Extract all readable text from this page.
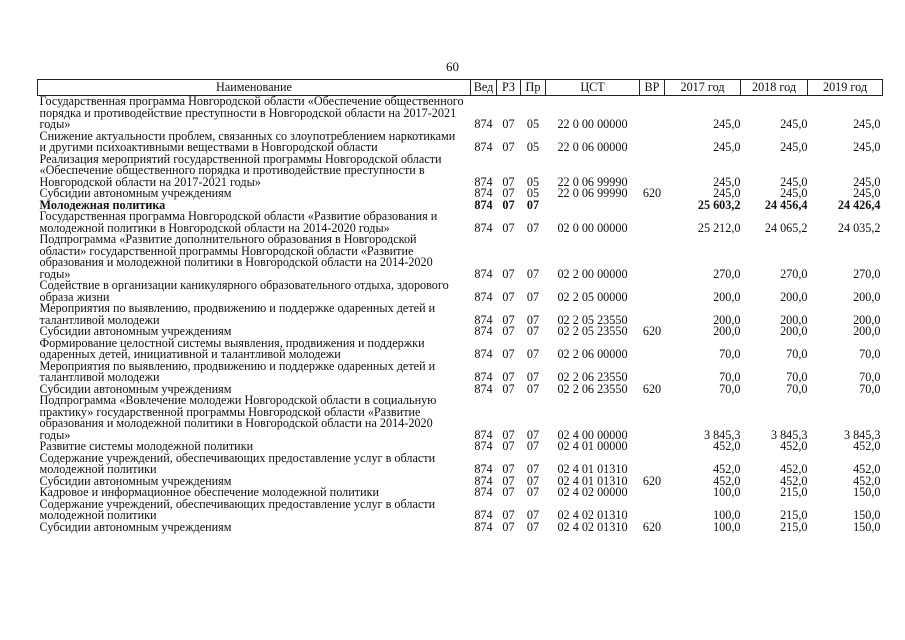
60
Наименование	Вед	РЗ	Пр	ЦСТ	ВР	2017 год	2018 год	2019 год
Государственная программа Новгородской области «Обеспечение общественного порядка и противодействие преступности в Новгородской области на 2017-2021 годы»	874	07	05	22 0 00 00000		245,0	245,0	245,0
Снижение актуальности проблем, связанных со злоупотреблением наркотиками и другими психоактивными веществами в Новгородской области	874	07	05	22 0 06 00000		245,0	245,0	245,0
Реализация мероприятий государственной программы Новгородской области «Обеспечение общественного порядка и противодействие преступности в Новгородской области на 2017-2021 годы»	874	07	05	22 0 06 99990		245,0	245,0	245,0
Субсидии автономным учреждениям	874	07	05	22 0 06 99990	620	245,0	245,0	245,0
Молодежная политика	874	07	07			25 603,2	24 456,4	24 426,4
Государственная программа Новгородской области «Развитие образования и молодежной политики в Новгородской области на 2014-2020 годы»	874	07	07	02 0 00 00000		25 212,0	24 065,2	24 035,2
Подпрограмма «Развитие дополнительного образования в Новгородской области» государственной программы Новгородской области «Развитие образования и молодежной политики в Новгородской области на 2014-2020 годы»	874	07	07	02 2 00 00000		270,0	270,0	270,0
Содействие в организации каникулярного образовательного отдыха, здорового образа жизни	874	07	07	02 2 05 00000		200,0	200,0	200,0
Мероприятия по выявлению, продвижению и поддержке одаренных детей и талантливой молодежи	874	07	07	02 2 05 23550		200,0	200,0	200,0
Субсидии автономным учреждениям	874	07	07	02 2 05 23550	620	200,0	200,0	200,0
Формирование целостной системы выявления, продвижения и поддержки одаренных детей, инициативной и талантливой молодежи	874	07	07	02 2 06 00000		70,0	70,0	70,0
Мероприятия по выявлению, продвижению и поддержке одаренных детей и талантливой молодежи	874	07	07	02 2 06 23550		70,0	70,0	70,0
Субсидии автономным учреждениям	874	07	07	02 2 06 23550	620	70,0	70,0	70,0
Подпрограмма «Вовлечение молодежи Новгородской области в социальную практику» государственной программы Новгородской области «Развитие образования и молодежной политики в Новгородской области на 2014-2020 годы»	874	07	07	02 4 00 00000		3 845,3	3 845,3	3 845,3
Развитие системы молодежной политики	874	07	07	02 4 01 00000		452,0	452,0	452,0
Содержание учреждений, обеспечивающих предоставление услуг в области молодежной политики	874	07	07	02 4 01 01310		452,0	452,0	452,0
Субсидии автономным учреждениям	874	07	07	02 4 01 01310	620	452,0	452,0	452,0
Кадровое и информационное обеспечение молодежной политики	874	07	07	02 4 02 00000		100,0	215,0	150,0
Содержание учреждений, обеспечивающих предоставление услуг в области молодежной политики	874	07	07	02 4 02 01310		100,0	215,0	150,0
Субсидии автономным учреждениям	874	07	07	02 4 02 01310	620	100,0	215,0	150,0
